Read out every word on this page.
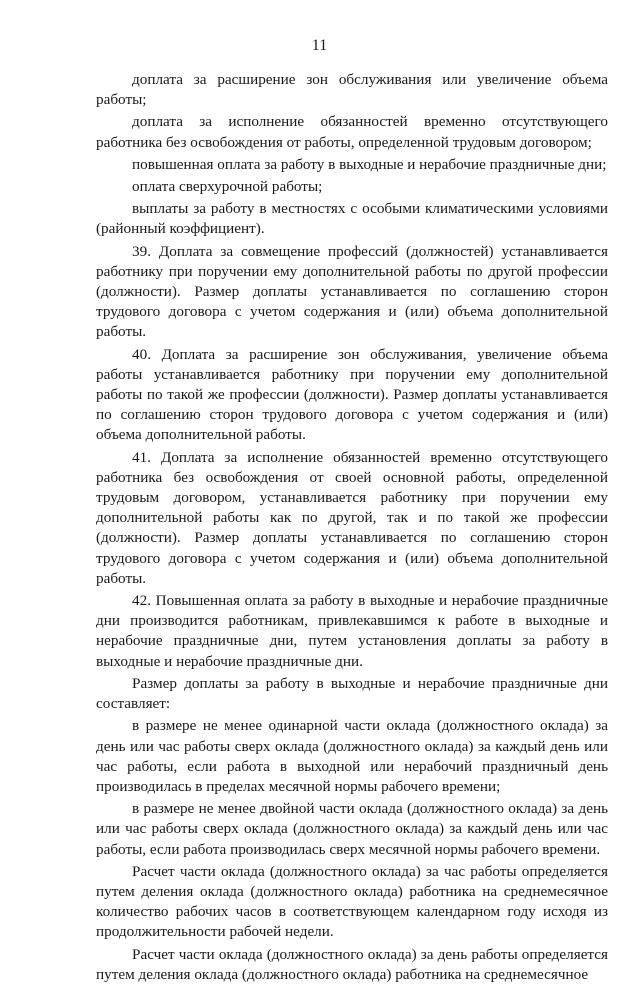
11

доплата за расширение зон обслуживания или увеличение объема работы;

доплата за исполнение обязанностей временно отсутствующего работника без освобождения от работы, определенной трудовым договором;

повышенная оплата за работу в выходные и нерабочие праздничные дни;

оплата сверхурочной работы;

выплаты за работу в местностях с особыми климатическими условиями (районный коэффициент).

39. Доплата за совмещение профессий (должностей) устанавливается работнику при поручении ему дополнительной работы по другой профессии (должности). Размер доплаты устанавливается по соглашению сторон трудового договора с учетом содержания и (или) объема дополнительной работы.

40. Доплата за расширение зон обслуживания, увеличение объема работы устанавливается работнику при поручении ему дополнительной работы по такой же профессии (должности). Размер доплаты устанавливается по соглашению сторон трудового договора с учетом содержания и (или) объема дополнительной работы.

41. Доплата за исполнение обязанностей временно отсутствующего работника без освобождения от своей основной работы, определенной трудовым договором, устанавливается работнику при поручении ему дополнительной работы как по другой, так и по такой же профессии (должности). Размер доплаты устанавливается по соглашению сторон трудового договора с учетом содержания и (или) объема дополнительной работы.

42. Повышенная оплата за работу в выходные и нерабочие праздничные дни производится работникам, привлекавшимся к работе в выходные и нерабочие праздничные дни, путем установления доплаты за работу в выходные и нерабочие праздничные дни.

Размер доплаты за работу в выходные и нерабочие праздничные дни составляет:

в размере не менее одинарной части оклада (должностного оклада) за день или час работы сверх оклада (должностного оклада) за каждый день или час работы, если работа в выходной или нерабочий праздничный день производилась в пределах месячной нормы рабочего времени;

в размере не менее двойной части оклада (должностного оклада) за день или час работы сверх оклада (должностного оклада) за каждый день или час работы, если работа производилась сверх месячной нормы рабочего времени.

Расчет части оклада (должностного оклада) за час работы определяется путем деления оклада (должностного оклада) работника на среднемесячное количество рабочих часов в соответствующем календарном году исходя из продолжительности рабочей недели.

Расчет части оклада (должностного оклада) за день работы определяется путем деления оклада (должностного оклада) работника на среднемесячное
